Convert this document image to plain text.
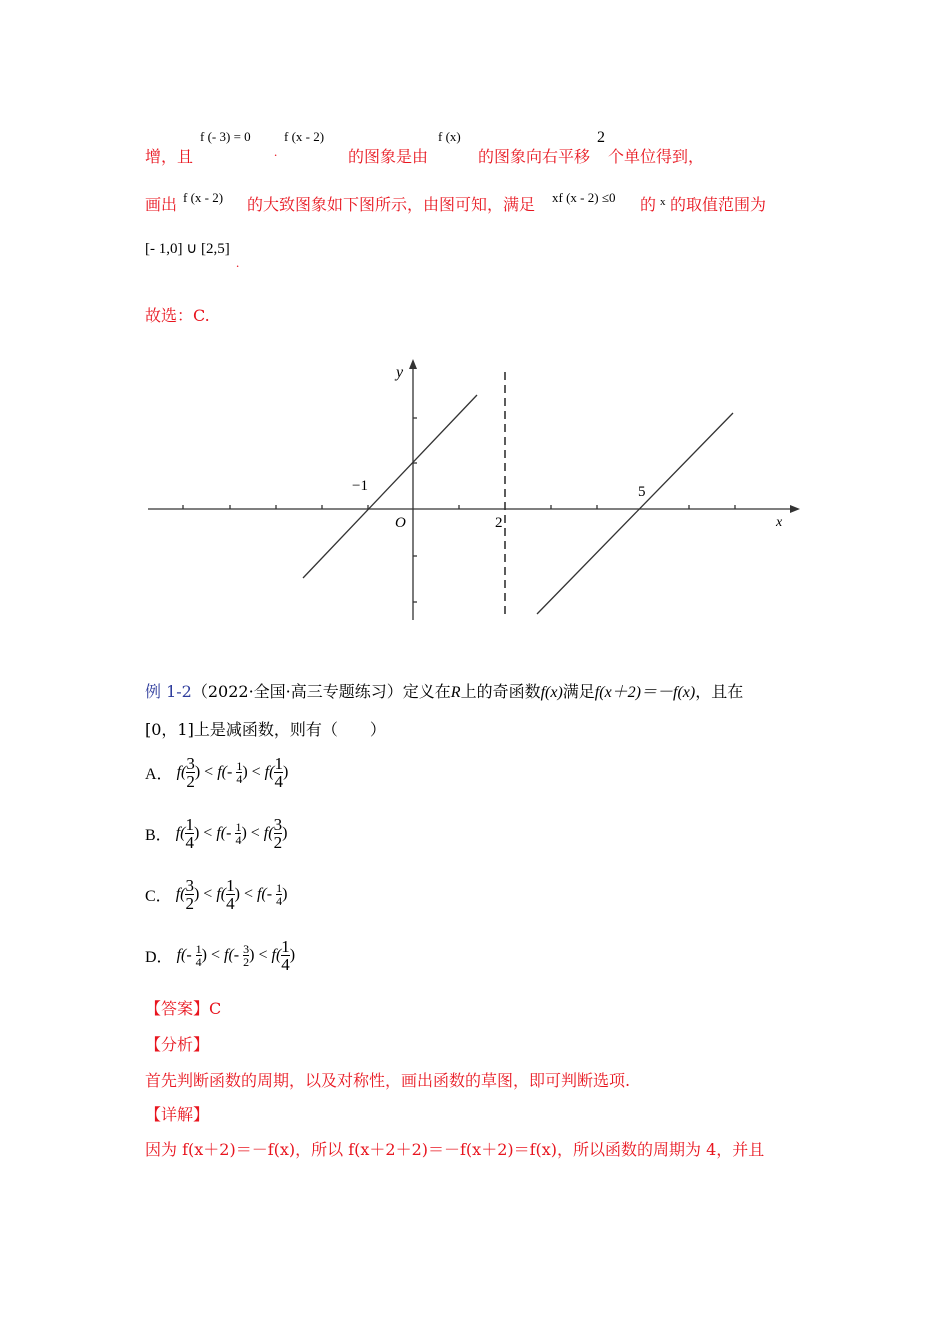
增，且
f (- 3) = 0
.
f (x - 2)
的图象是由
f (x)
的图象向右平移
2
个单位得到，
画出 f (x - 2) 的大致图象如下图所示，由图可知，满足 xf (x - 2) ≤0 的 x 的取值范围为
[- 1,0] ∪ [2,5]
.
故选：C.
y
x
O
−1
2
5
例 1-2（2022·全国·高三专题练习）定义在R上的奇函数f(x)满足f(x＋2)＝－f(x)，且在
[0，1]上是减函数，则有（　　）
A． $f( \frac{3}{2}$ ) < $f(- \frac{1}{4}$ ) < $f( \frac{1}{4}$ )
B． $f( \frac{1}{4}$ ) < $f(- \frac{1}{4}$ ) < $f( \frac{3}{2}$ )
C． $f( \frac{3}{2}$ ) < $f( \frac{1}{4}$ ) < $f(- \frac{1}{4}$ )
D． $f(- \frac{1}{4}$ ) < $f(- \frac{3}{2}$ ) < $f( \frac{1}{4}$ )
【答案】C
【分析】
首先判断函数的周期，以及对称性，画出函数的草图，即可判断选项.
【详解】
因为 f(x＋2)＝－f(x)，所以 f(x＋2＋2)＝－f(x＋2)＝f(x)，所以函数的周期为 4，并且
